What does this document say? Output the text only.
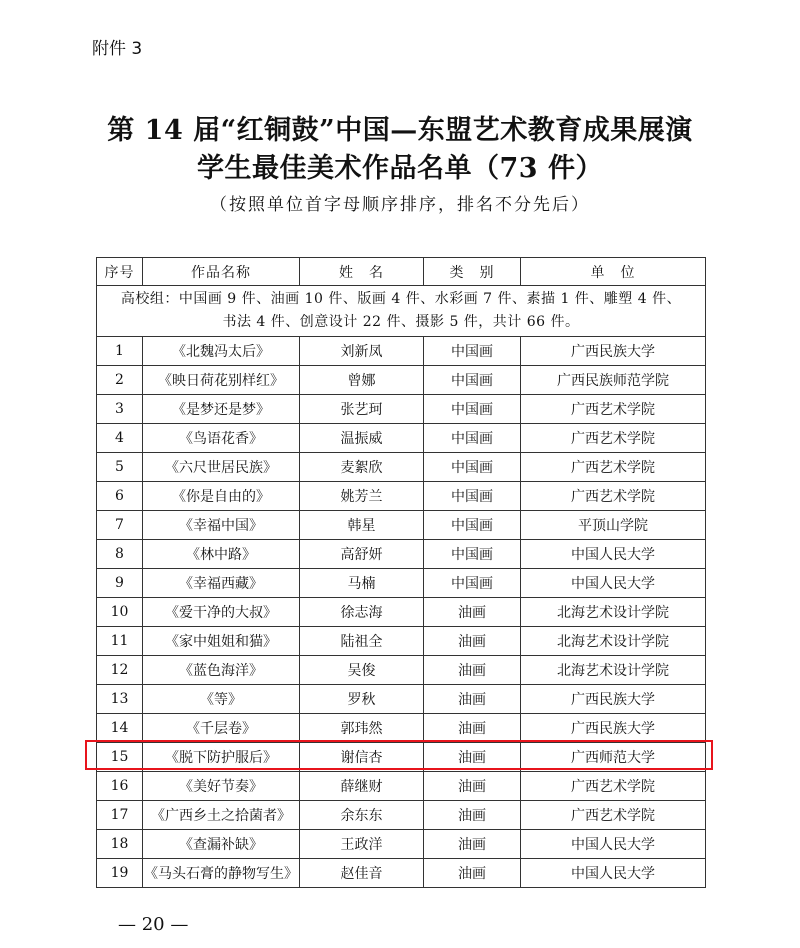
附件 3
第 14 届“红铜鼓”中国—东盟艺术教育成果展演
学生最佳美术作品名单（73 件）
（按照单位首字母顺序排序，排名不分先后）
序号	作品名称	姓　名	类　别	单　位

高校组：中国画 9 件、油画 10 件、版画 4 件、水彩画 7 件、素描 1 件、雕塑 4 件、
书法 4 件、创意设计 22 件、摄影 5 件，共计 66 件。				

1	《北魏冯太后》	刘新凤	中国画	广西民族大学
2	《映日荷花别样红》	曾娜	中国画	广西民族师范学院
3	《是梦还是梦》	张艺珂	中国画	广西艺术学院
4	《鸟语花香》	温振威	中国画	广西艺术学院
5	《六尺世居民族》	麦絮欣	中国画	广西艺术学院
6	《你是自由的》	姚芳兰	中国画	广西艺术学院
7	《幸福中国》	韩星	中国画	平顶山学院
8	《林中路》	高舒妍	中国画	中国人民大学
9	《幸福西藏》	马楠	中国画	中国人民大学
10	《爱干净的大叔》	徐志海	油画	北海艺术设计学院
11	《家中姐姐和猫》	陆祖全	油画	北海艺术设计学院
12	《蓝色海洋》	吴俊	油画	北海艺术设计学院
13	《等》	罗秋	油画	广西民族大学
14	《千层卷》	郭玮然	油画	广西民族大学
15	《脱下防护服后》	谢信杏	油画	广西师范大学
16	《美好节奏》	薛继财	油画	广西艺术学院
17	《广西乡土之拾菌者》	余东东	油画	广西艺术学院
18	《查漏补缺》	王政洋	油画	中国人民大学
19	《马头石膏的静物写生》	赵佳音	油画	中国人民大学
— 20 —
